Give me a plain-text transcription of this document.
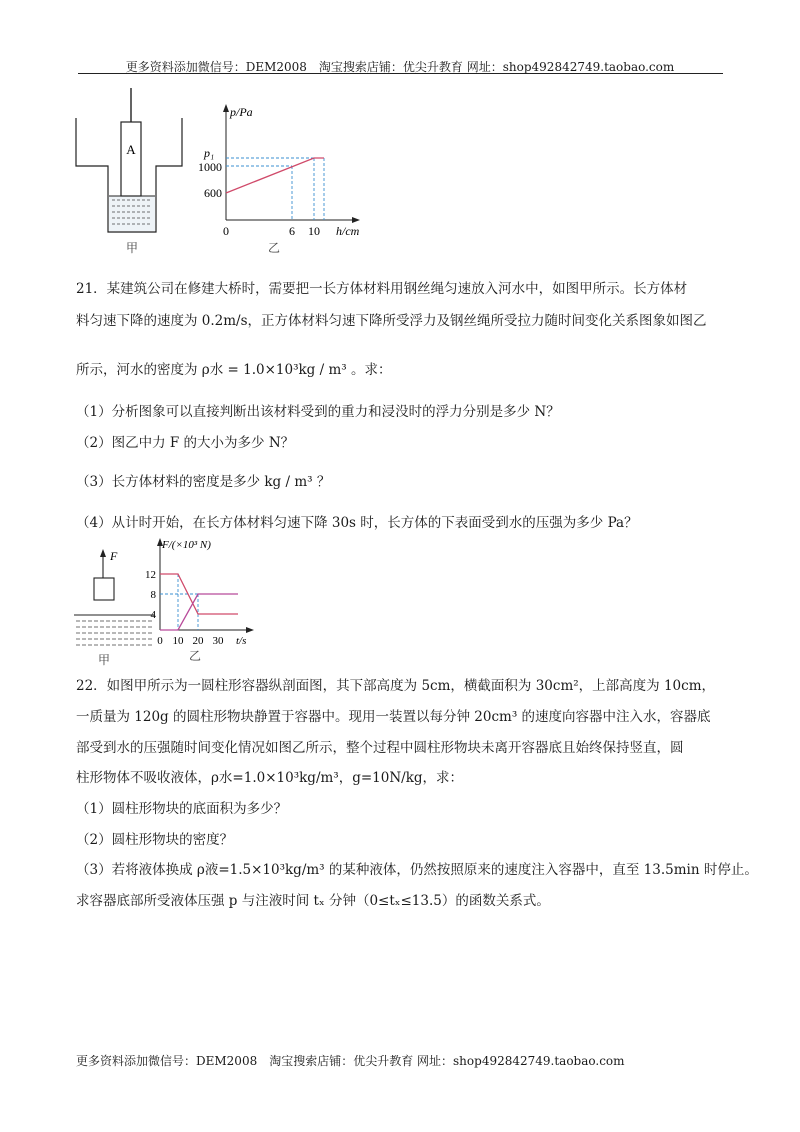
更多资料添加微信号：DEM2008　淘宝搜索店铺：优尖升教育 网址：shop492842749.taobao.com
A
甲
p/Pa
p₁
1000
600
0	6 10 h/cm
乙
21．某建筑公司在修建大桥时，需要把一长方体材料用钢丝绳匀速放入河水中，如图甲所示。长方体材
料匀速下降的速度为 0.2m/s，正方体材料匀速下降所受浮力及钢丝绳所受拉力随时间变化关系图象如图乙
所示，河水的密度为 ρ水 = 1.0×10³kg / m³ 。求：
（1）分析图象可以直接判断出该材料受到的重力和浸没时的浮力分别是多少 N？
（2）图乙中力 F 的大小为多少 N？
（3）长方体材料的密度是多少 kg / m³ ？
（4）从计时开始，在长方体材料匀速下降 30s 时，长方体的下表面受到水的压强为多少 Pa？
F
甲
F/(×10³ N)
12
8
4
0 10 20 30 t/s
乙
22．如图甲所示为一圆柱形容器纵剖面图，其下部高度为 5cm，横截面积为 30cm²，上部高度为 10cm，
一质量为 120g 的圆柱形物块静置于容器中。现用一装置以每分钟 20cm³ 的速度向容器中注入水，容器底
部受到水的压强随时间变化情况如图乙所示，整个过程中圆柱形物块未离开容器底且始终保持竖直，圆
柱形物体不吸收液体，ρ水=1.0×10³kg/m³，g=10N/kg，求：
（1）圆柱形物块的底面积为多少？
（2）圆柱形物块的密度？
（3）若将液体换成 ρ液=1.5×10³kg/m³ 的某种液体，仍然按照原来的速度注入容器中，直至 13.5min 时停止。
求容器底部所受液体压强 p 与注液时间 tₓ 分钟（0≤tₓ≤13.5）的函数关系式。
更多资料添加微信号：DEM2008　淘宝搜索店铺：优尖升教育 网址：shop492842749.taobao.com
